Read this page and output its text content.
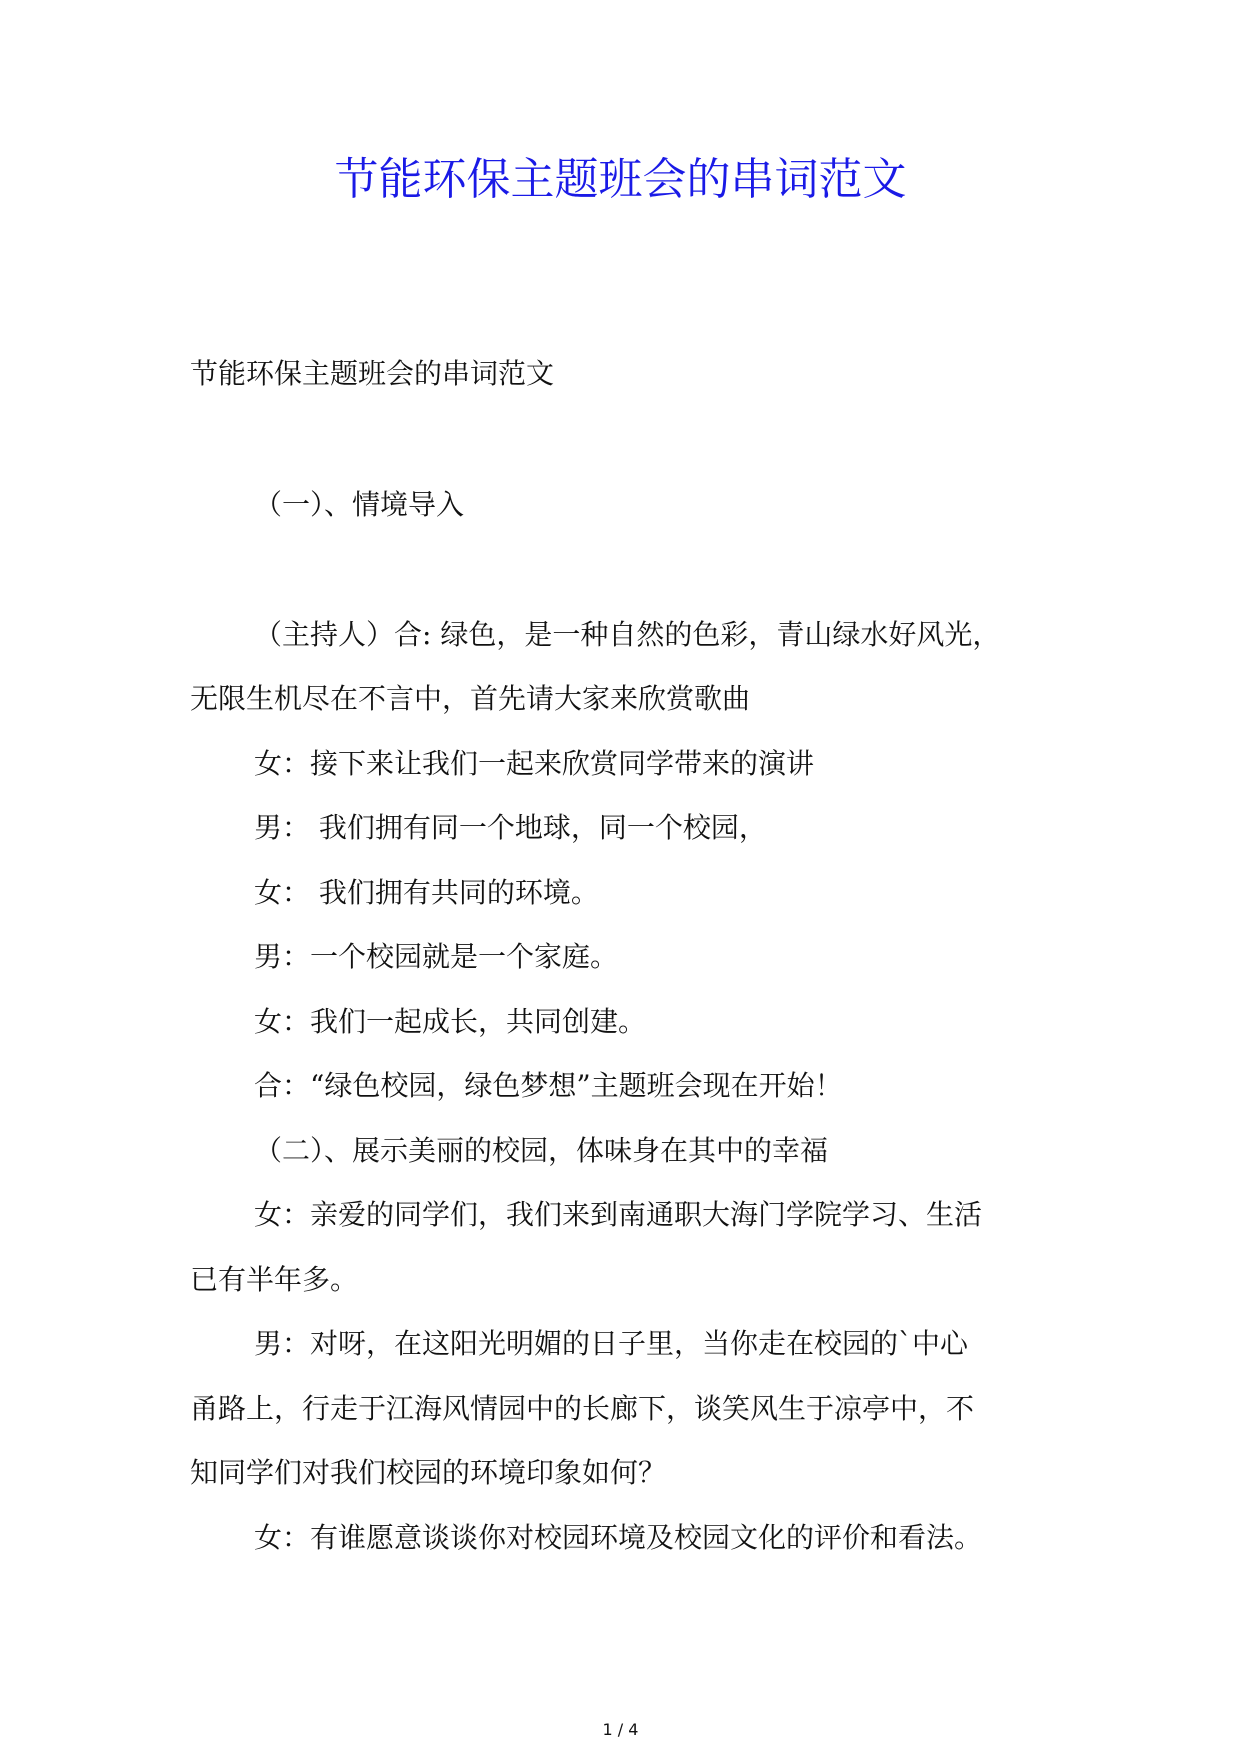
节能环保主题班会的串词范文
节能环保主题班会的串词范文
（一）、情境导入
（主持人）合: 绿色，是一种自然的色彩，青山绿水好风光，
无限生机尽在不言中，首先请大家来欣赏歌曲
女：接下来让我们一起来欣赏同学带来的演讲
男： 我们拥有同一个地球，同一个校园，
女： 我们拥有共同的环境。
男：一个校园就是一个家庭。
女：我们一起成长，共同创建。
合：“绿色校园，绿色梦想”主题班会现在开始！
（二）、展示美丽的校园，体味身在其中的幸福
女：亲爱的同学们，我们来到南通职大海门学院学习、生活
已有半年多。
男：对呀，在这阳光明媚的日子里，当你走在校园的`中心
甬路上，行走于江海风情园中的长廊下，谈笑风生于凉亭中，不
知同学们对我们校园的环境印象如何？
女：有谁愿意谈谈你对校园环境及校园文化的评价和看法。
1 / 4
